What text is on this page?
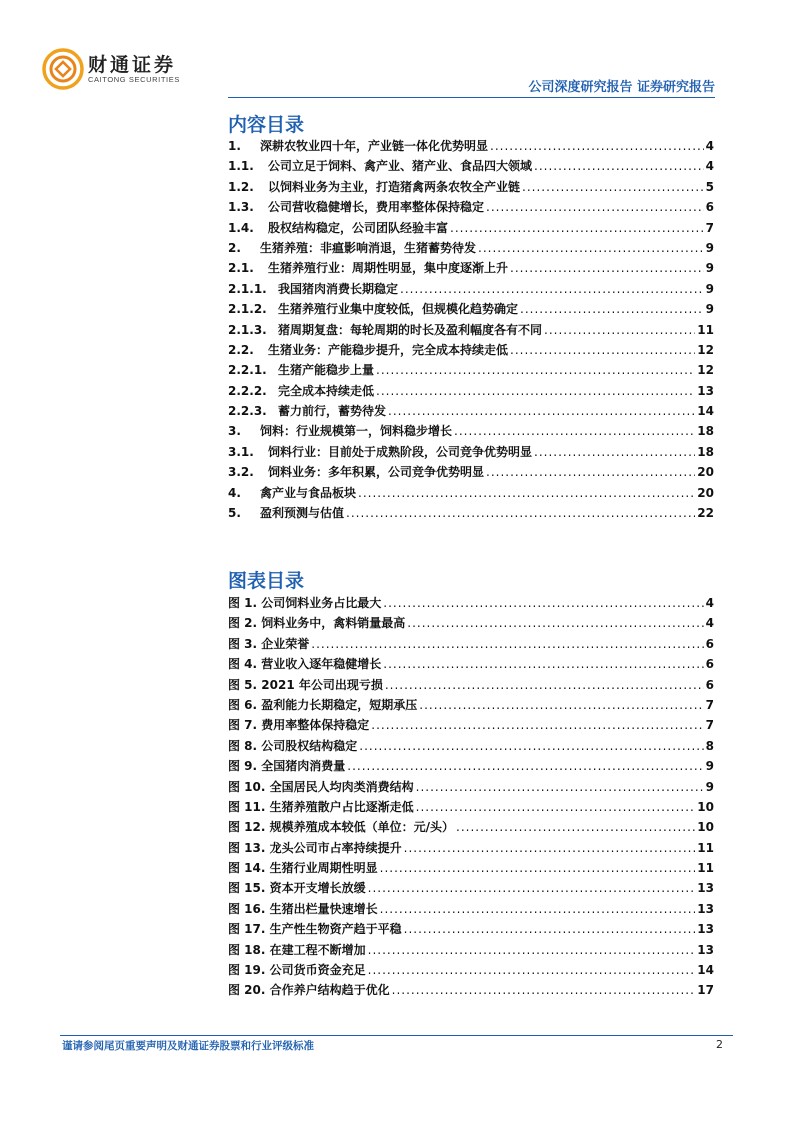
财通证券
CAITONG SECURITIES
公司深度研究报告 证券研究报告
内容目录
1.	深耕农牧业四十年，产业链一体化优势明显 .....	4
1.1.	公司立足于饲料、禽产业、猪产业、食品四大领域 .....	4
1.2.	以饲料业务为主业，打造猪禽两条农牧全产业链 .....	5
1.3.	公司营收稳健增长，费用率整体保持稳定 .....	6
1.4.	股权结构稳定，公司团队经验丰富 .....	7
2.	生猪养殖：非瘟影响消退，生猪蓄势待发 .....	9
2.1.	生猪养殖行业：周期性明显，集中度逐渐上升 .....	9
2.1.1. 我国猪肉消费长期稳定 .....	9
2.1.2. 生猪养殖行业集中度较低，但规模化趋势确定 .....	9
2.1.3. 猪周期复盘：每轮周期的时长及盈利幅度各有不同 .....	11
2.2.	生猪业务：产能稳步提升，完全成本持续走低 .....	12
2.2.1. 生猪产能稳步上量 .....	12
2.2.2. 完全成本持续走低 .....	13
2.2.3. 蓄力前行，蓄势待发 .....	14
3.	饲料：行业规模第一，饲料稳步增长 .....	18
3.1.	饲料行业：目前处于成熟阶段，公司竞争优势明显 .....	18
3.2.	饲料业务：多年积累，公司竞争优势明显 .....	20
4.	禽产业与食品板块 .....	20
5.	盈利预测与估值 .....	22
图表目录
图 1. 公司饲料业务占比最大 .....	4
图 2. 饲料业务中，禽料销量最高 .....	4
图 3. 企业荣誉 .....	6
图 4. 营业收入逐年稳健增长 .....	6
图 5. 2021 年公司出现亏损 .....	6
图 6. 盈利能力长期稳定，短期承压 .....	7
图 7. 费用率整体保持稳定 .....	7
图 8. 公司股权结构稳定 .....	8
图 9. 全国猪肉消费量 .....	9
图 10. 全国居民人均肉类消费结构 .....	9
图 11. 生猪养殖散户占比逐渐走低 .....	10
图 12. 规模养殖成本较低（单位：元/头） .....	10
图 13. 龙头公司市占率持续提升 .....	11
图 14. 生猪行业周期性明显 .....	11
图 15. 资本开支增长放缓 .....	13
图 16. 生猪出栏量快速增长 .....	13
图 17. 生产性生物资产趋于平稳 .....	13
图 18. 在建工程不断增加 .....	13
图 19. 公司货币资金充足 .....	14
图 20. 合作养户结构趋于优化 .....	17
谨请参阅尾页重要声明及财通证券股票和行业评级标准	2
